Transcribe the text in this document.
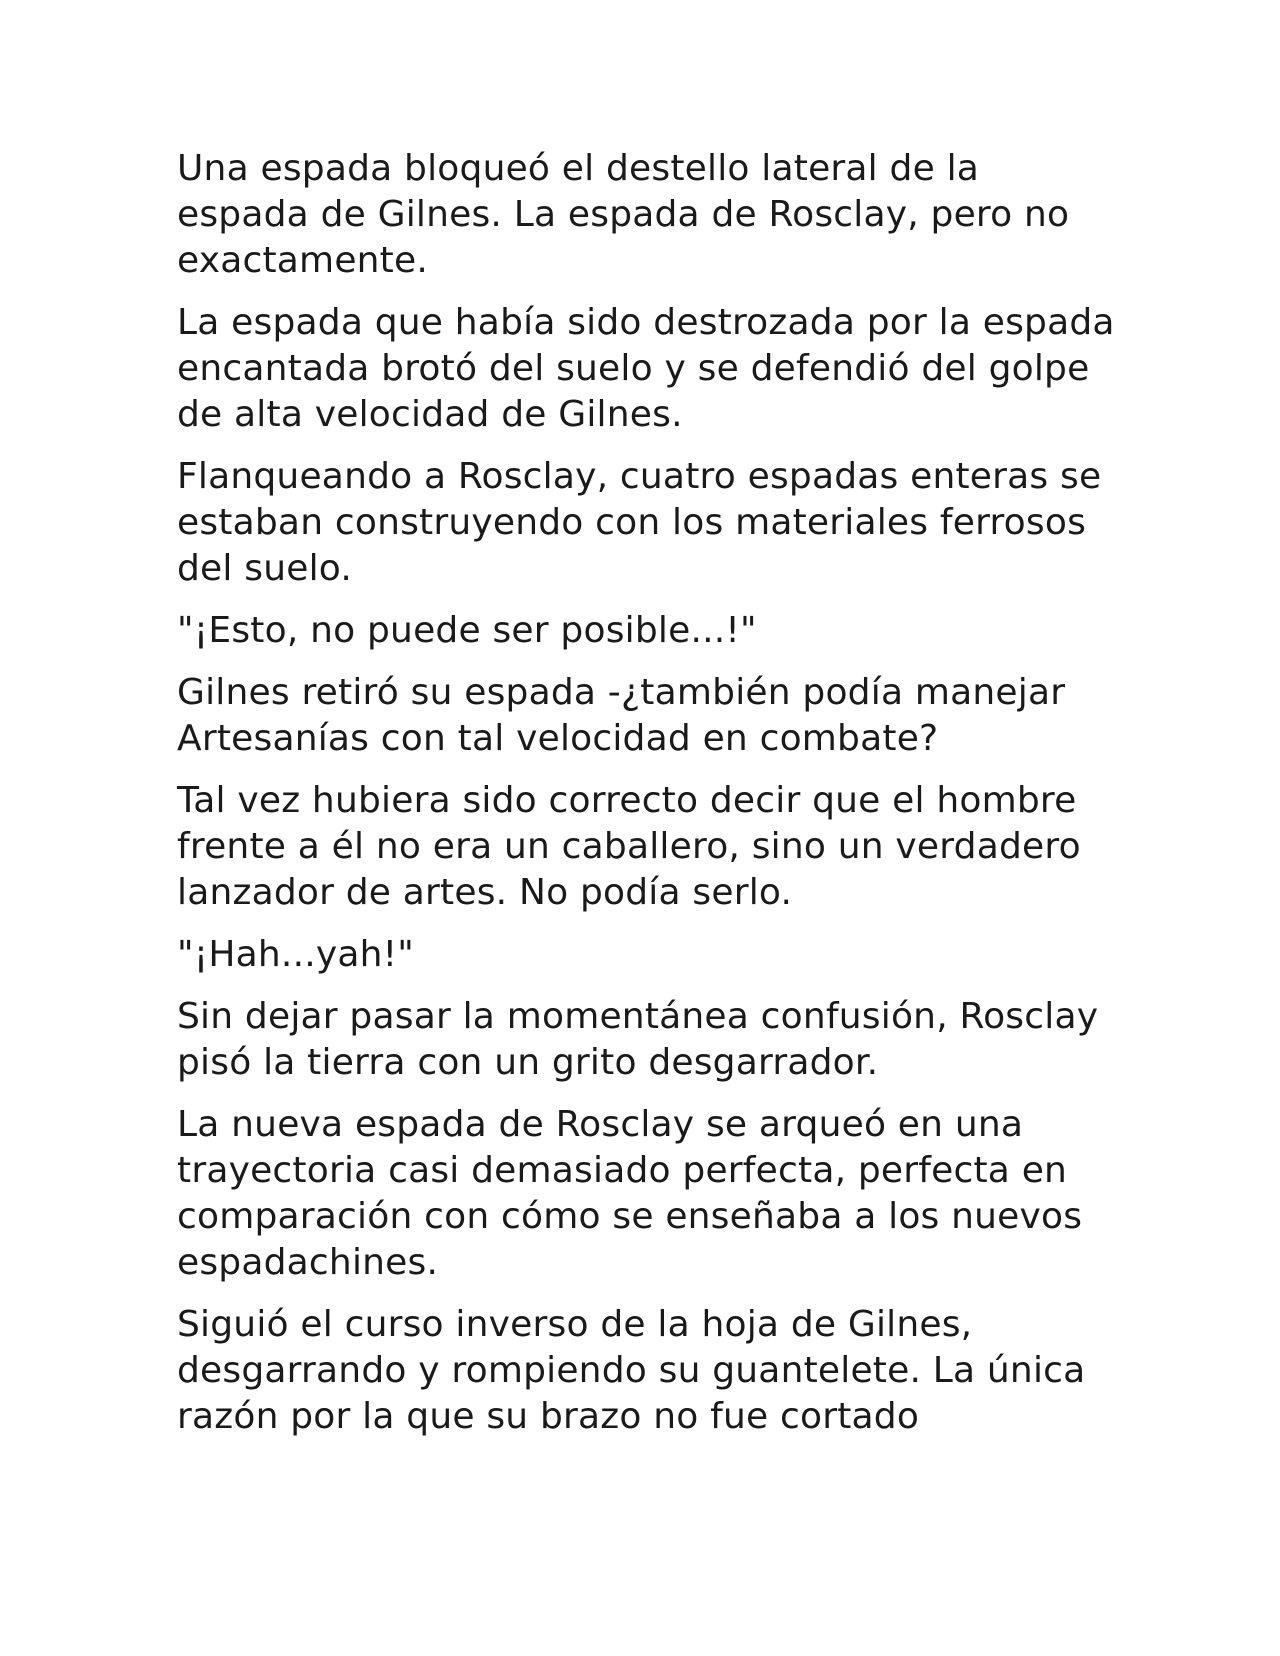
Una espada bloqueó el destello lateral de la espada de Gilnes. La espada de Rosclay, pero no exactamente.

La espada que había sido destrozada por la espada encantada brotó del suelo y se defendió del golpe de alta velocidad de Gilnes.

Flanqueando a Rosclay, cuatro espadas enteras se estaban construyendo con los materiales ferrosos del suelo.

"¡Esto, no puede ser posible...!"

Gilnes retiró su espada -¿también podía manejar Artesanías con tal velocidad en combate?

Tal vez hubiera sido correcto decir que el hombre frente a él no era un caballero, sino un verdadero lanzador de artes. No podía serlo.

"¡Hah...yah!"

Sin dejar pasar la momentánea confusión, Rosclay pisó la tierra con un grito desgarrador.

La nueva espada de Rosclay se arqueó en una trayectoria casi demasiado perfecta, perfecta en comparación con cómo se enseñaba a los nuevos espadachines.

Siguió el curso inverso de la hoja de Gilnes, desgarrando y rompiendo su guantelete. La única razón por la que su brazo no fue cortado
